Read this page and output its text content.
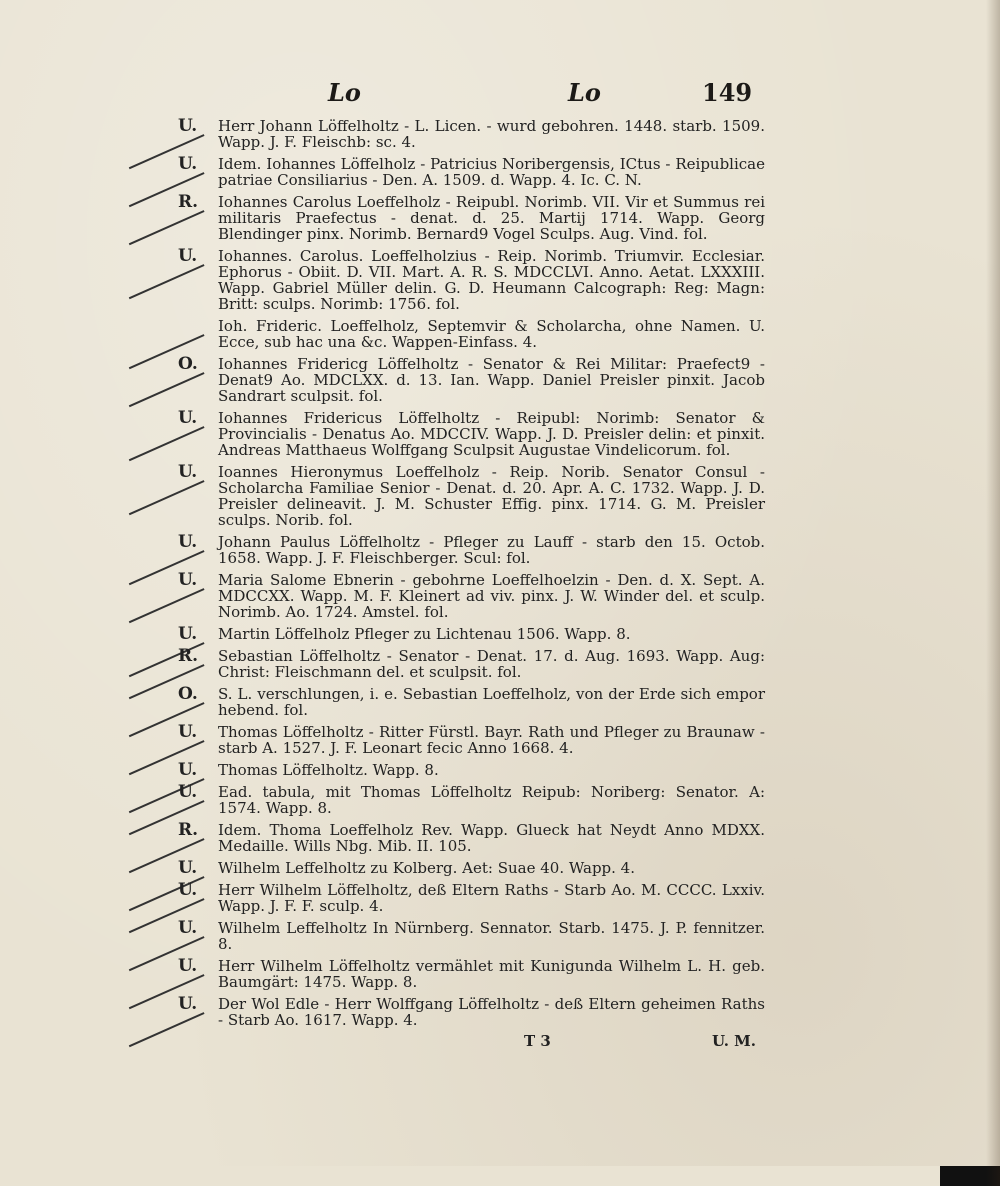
Lo	Lo	149
U.	Herr Johann Löffelholtz - L. Licen. - wurd gebohren. 1448. starb. 1509. Wapp. J. F. Fleischb: sc. 4.
U.	Idem. Iohannes Löffelholz - Patricius Noribergensis, ICtus - Reipublicae patriae Consiliarius - Den. A. 1509. d. Wapp. 4. Ic. C. N.
R.	Iohannes Carolus Loeffelholz - Reipubl. Norimb. VII. Vir et Summus rei militaris Praefectus - denat. d. 25. Martij 1714. Wapp. Georg Blendinger pinx. Norimb. Bernard9 Vogel Sculps. Aug. Vind. fol.
U.	Iohannes. Carolus. Loeffelholzius - Reip. Norimb. Triumvir. Ecclesiar. Ephorus - Obiit. D. VII. Mart. A. R. S. MDCCLVI. Anno. Aetat. LXXXIII. Wapp. Gabriel Müller delin. G. D. Heumann Calcograph: Reg: Magn: Britt: sculps. Norimb: 1756. fol.
Ioh. Frideric. Loeffelholz, Septemvir & Scholarcha, ohne Namen. U. Ecce, sub hac una &c. Wappen-Einfass. 4.
O.	Iohannes Fridericg Löffelholtz - Senator & Rei Militar: Praefect9 - Denat9 Ao. MDCLXX. d. 13. Ian. Wapp. Daniel Preisler pinxit. Jacob Sandrart sculpsit. fol.
U.	Iohannes Fridericus Löffelholtz - Reipubl: Norimb: Senator & Provincialis - Denatus Ao. MDCCIV. Wapp. J. D. Preisler delin: et pinxit. Andreas Matthaeus Wolffgang Sculpsit Augustae Vindelicorum. fol.
U.	Ioannes Hieronymus Loeffelholz - Reip. Norib. Senator Consul - Scholarcha Familiae Senior - Denat. d. 20. Apr. A. C. 1732. Wapp. J. D. Preisler delineavit. J. M. Schuster Effig. pinx. 1714. G. M. Preisler sculps. Norib. fol.
U.	Johann Paulus Löffelholtz - Pfleger zu Lauff - starb den 15. Octob. 1658. Wapp. J. F. Fleischberger. Scul: fol.
U.	Maria Salome Ebnerin - gebohrne Loeffelhoelzin - Den. d. X. Sept. A. MDCCXX. Wapp. M. F. Kleinert ad viv. pinx. J. W. Winder del. et sculp. Norimb. Ao. 1724. Amstel. fol.
U.	Martin Löffelholz Pfleger zu Lichtenau 1506. Wapp. 8.
R.	Sebastian Löffelholtz - Senator - Denat. 17. d. Aug. 1693. Wapp. Aug: Christ: Fleischmann del. et sculpsit. fol.
O.	S. L. verschlungen, i. e. Sebastian Loeffelholz, von der Erde sich empor hebend. fol.
U.	Thomas Löffelholtz - Ritter Fürstl. Bayr. Rath und Pfleger zu Braunaw - starb A. 1527. J. F. Leonart fecic Anno 1668. 4.
U.	Thomas Löffelholtz. Wapp. 8.
U.	Ead. tabula, mit Thomas Löffelholtz Reipub: Noriberg: Senator. A: 1574. Wapp. 8.
R.	Idem. Thoma Loeffelholz Rev. Wapp. Glueck hat Neydt Anno MDXX. Medaille. Wills Nbg. Mib. II. 105.
U.	Wilhelm Leffelholtz zu Kolberg. Aet: Suae 40. Wapp. 4.
U.	Herr Wilhelm Löffelholtz, deß Eltern Raths - Starb Ao. M. CCCC. Lxxiv. Wapp. J. F. F. sculp. 4.
U.	Wilhelm Leffelholtz In Nürnberg. Sennator. Starb. 1475. J. P. fennitzer. 8.
U.	Herr Wilhelm Löffelholtz vermählet mit Kunigunda Wilhelm L. H. geb. Baumgärt: 1475. Wapp. 8.
U.	Der Wol Edle - Herr Wolffgang Löffelholtz - deß Eltern geheimen Raths - Starb Ao. 1617. Wapp. 4.
T 3	U. M.
